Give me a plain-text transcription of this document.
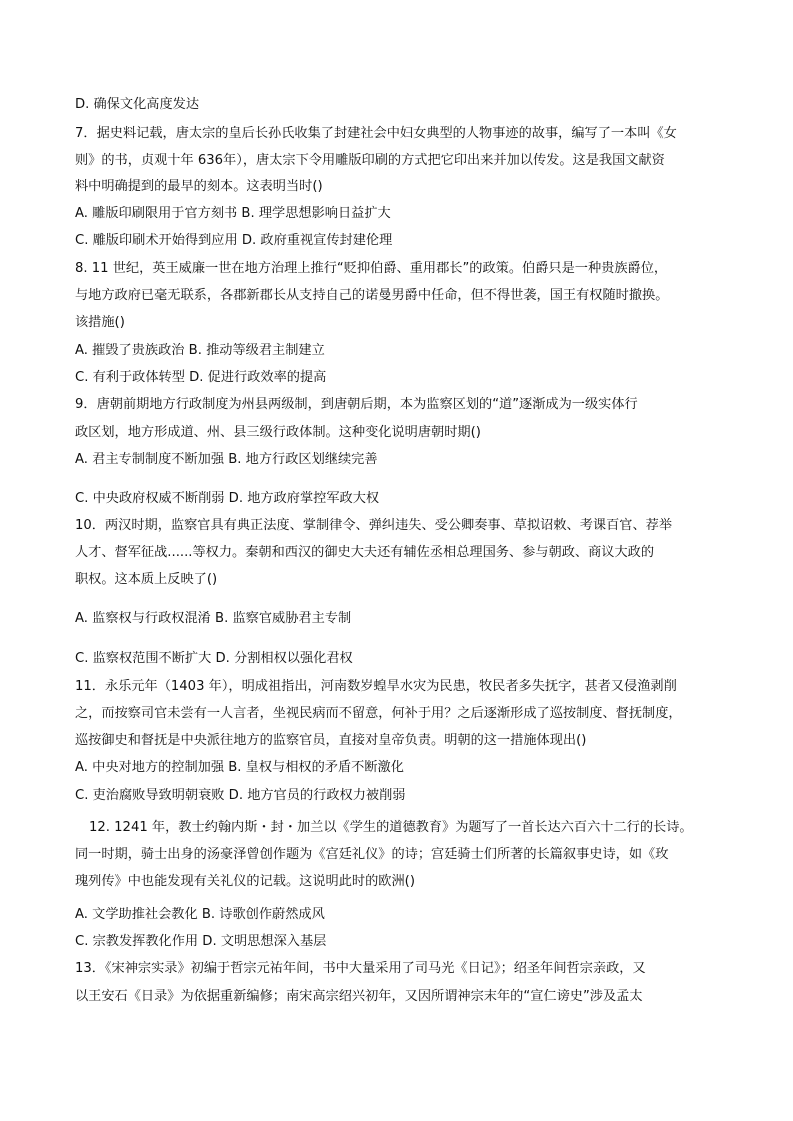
D. 确保文化高度发达
7．据史料记载，唐太宗的皇后长孙氏收集了封建社会中妇女典型的人物事迹的故事，编写了一本叫《女
则》的书，贞观十年 636年），唐太宗下令用雕版印刷的方式把它印出来并加以传发。这是我国文献资
料中明确提到的最早的刻本。这表明当时()
A. 雕版印刷限用于官方刻书 B. 理学思想影响日益扩大
C. 雕版印刷术开始得到应用 D. 政府重视宣传封建伦理
8. 11 世纪，英王威廉一世在地方治理上推行“贬抑伯爵、重用郡长”的政策。伯爵只是一种贵族爵位，
与地方政府已毫无联系，各郡新郡长从支持自己的诺曼男爵中任命，但不得世袭，国王有权随时撤换。
该措施()
A. 摧毁了贵族政治 B. 推动等级君主制建立
C. 有利于政体转型 D. 促进行政效率的提高
9．唐朝前期地方行政制度为州县两级制，到唐朝后期，本为监察区划的“道”逐渐成为一级实体行
政区划，地方形成道、州、县三级行政体制。这种变化说明唐朝时期()
A. 君主专制制度不断加强 B. 地方行政区划继续完善
C. 中央政府权威不断削弱 D. 地方政府掌控军政大权
10．两汉时期，监察官具有典正法度、掌制律令、弹纠违失、受公卿奏事、草拟诏敕、考课百官、荐举
人才、督军征战......等权力。秦朝和西汉的御史大夫还有辅佐丞相总理国务、参与朝政、商议大政的
职权。这本质上反映了()
A. 监察权与行政权混淆 B. 监察官威胁君主专制
C. 监察权范围不断扩大 D. 分割相权以强化君权
11．永乐元年（1403 年），明成祖指出，河南数岁蝗旱水灾为民患，牧民者多失抚字，甚者又侵渔剥削
之，而按察司官未尝有一人言者，坐视民病而不留意，何补于用？之后逐渐形成了巡按制度、督抚制度，
巡按御史和督抚是中央派往地方的监察官员，直接对皇帝负责。明朝的这一措施体现出()
A. 中央对地方的控制加强 B. 皇权与相权的矛盾不断激化
C. 吏治腐败导致明朝衰败 D. 地方官员的行政权力被削弱
12. 1241 年，教士约翰内斯・封・加兰以《学生的道德教育》为题写了一首长达六百六十二行的长诗。
同一时期，骑士出身的汤豪泽曾创作题为《宫廷礼仪》的诗；宫廷骑士们所著的长篇叙事史诗，如《玫
瑰列传》中也能发现有关礼仪的记载。这说明此时的欧洲()
A. 文学助推社会教化 B. 诗歌创作蔚然成风
C. 宗教发挥教化作用 D. 文明思想深入基层
13．《宋神宗实录》初编于哲宗元祐年间，书中大量采用了司马光《日记》；绍圣年间哲宗亲政，又
以王安石《日录》为依据重新编修；南宋高宗绍兴初年，又因所谓神宗末年的“宣仁谤史”涉及孟太
